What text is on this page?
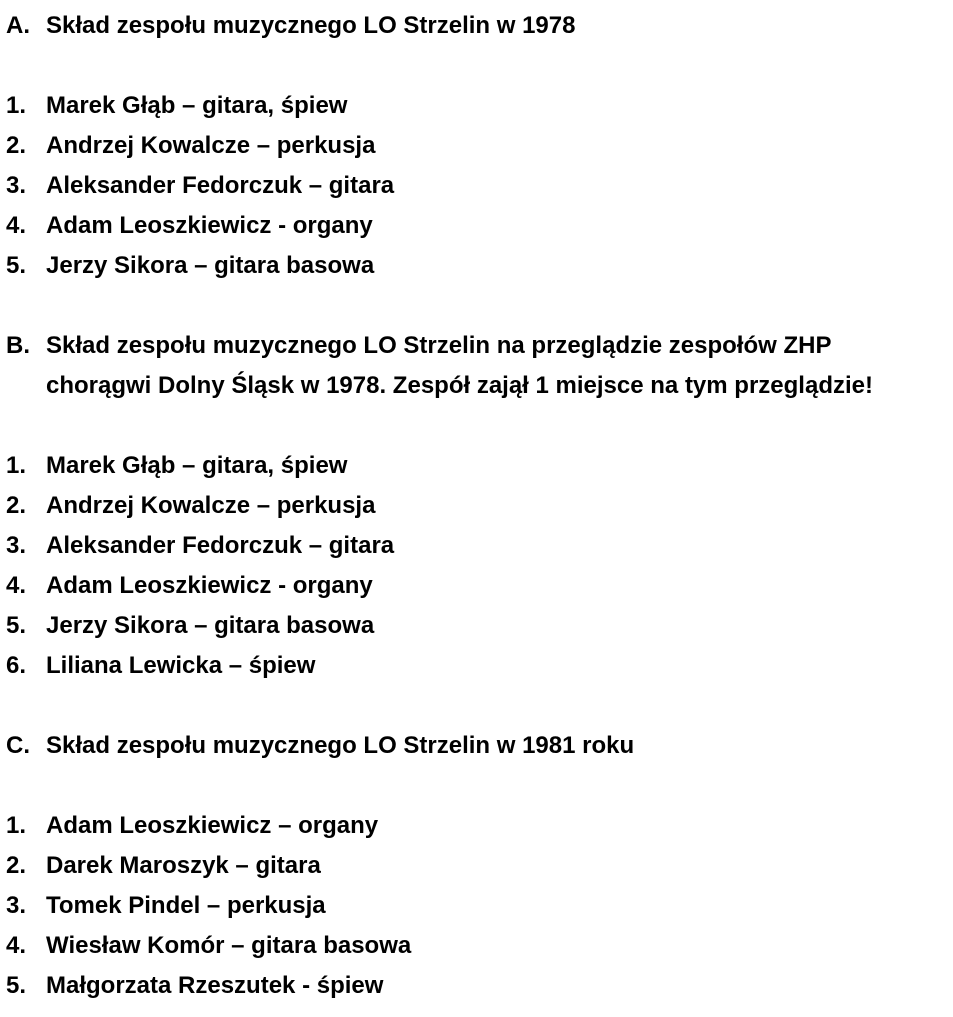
A. Skład zespołu muzycznego LO Strzelin w 1978
1. Marek Głąb – gitara, śpiew
2. Andrzej Kowalcze – perkusja
3. Aleksander Fedorczuk – gitara
4. Adam Leoszkiewicz - organy
5. Jerzy Sikora – gitara basowa
B. Skład zespołu muzycznego LO Strzelin na przeglądzie zespołów ZHP
chorągwi Dolny Śląsk w 1978. Zespół zajął 1 miejsce na tym przeglądzie!
1. Marek Głąb – gitara, śpiew
2. Andrzej Kowalcze – perkusja
3. Aleksander Fedorczuk – gitara
4. Adam Leoszkiewicz - organy
5. Jerzy Sikora – gitara basowa
6. Liliana Lewicka – śpiew
C. Skład zespołu muzycznego LO Strzelin w 1981 roku
1. Adam Leoszkiewicz – organy
2. Darek Maroszyk – gitara
3. Tomek Pindel – perkusja
4. Wiesław Komór – gitara basowa
5. Małgorzata Rzeszutek - śpiew
